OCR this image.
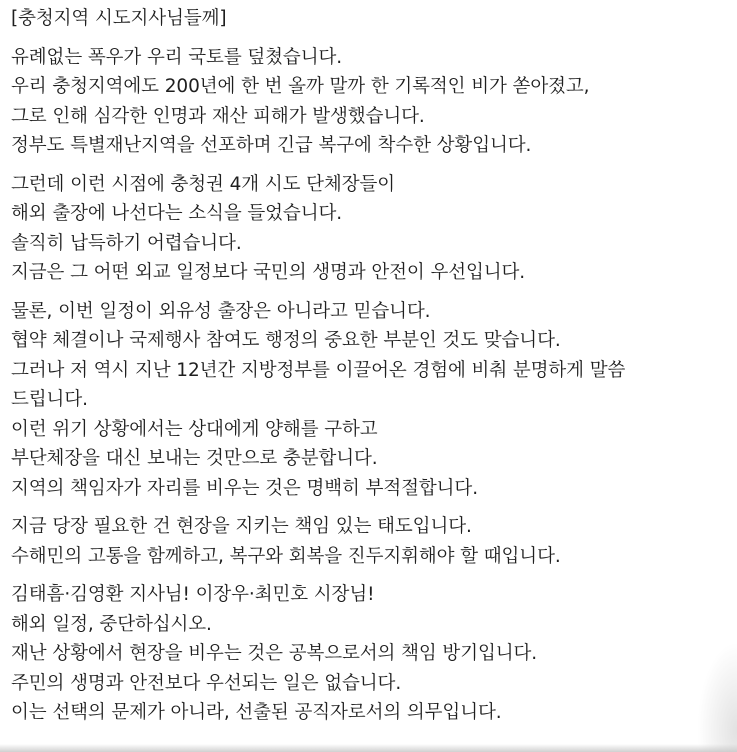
[충청지역 시도지사님들께]
유례없는 폭우가 우리 국토를 덮쳤습니다.
우리 충청지역에도 200년에 한 번 올까 말까 한 기록적인 비가 쏟아졌고,
그로 인해 심각한 인명과 재산 피해가 발생했습니다.
정부도 특별재난지역을 선포하며 긴급 복구에 착수한 상황입니다.
그런데 이런 시점에 충청권 4개 시도 단체장들이
해외 출장에 나선다는 소식을 들었습니다.
솔직히 납득하기 어렵습니다.
지금은 그 어떤 외교 일정보다 국민의 생명과 안전이 우선입니다.
물론, 이번 일정이 외유성 출장은 아니라고 믿습니다.
협약 체결이나 국제행사 참여도 행정의 중요한 부분인 것도 맞습니다.
그러나 저 역시 지난 12년간 지방정부를 이끌어온 경험에 비춰 분명하게 말씀
드립니다.
이런 위기 상황에서는 상대에게 양해를 구하고
부단체장을 대신 보내는 것만으로 충분합니다.
지역의 책임자가 자리를 비우는 것은 명백히 부적절합니다.
지금 당장 필요한 건 현장을 지키는 책임 있는 태도입니다.
수해민의 고통을 함께하고, 복구와 회복을 진두지휘해야 할 때입니다.
김태흠·김영환 지사님! 이장우·최민호 시장님!
해외 일정, 중단하십시오.
재난 상황에서 현장을 비우는 것은 공복으로서의 책임 방기입니다.
주민의 생명과 안전보다 우선되는 일은 없습니다.
이는 선택의 문제가 아니라, 선출된 공직자로서의 의무입니다.
